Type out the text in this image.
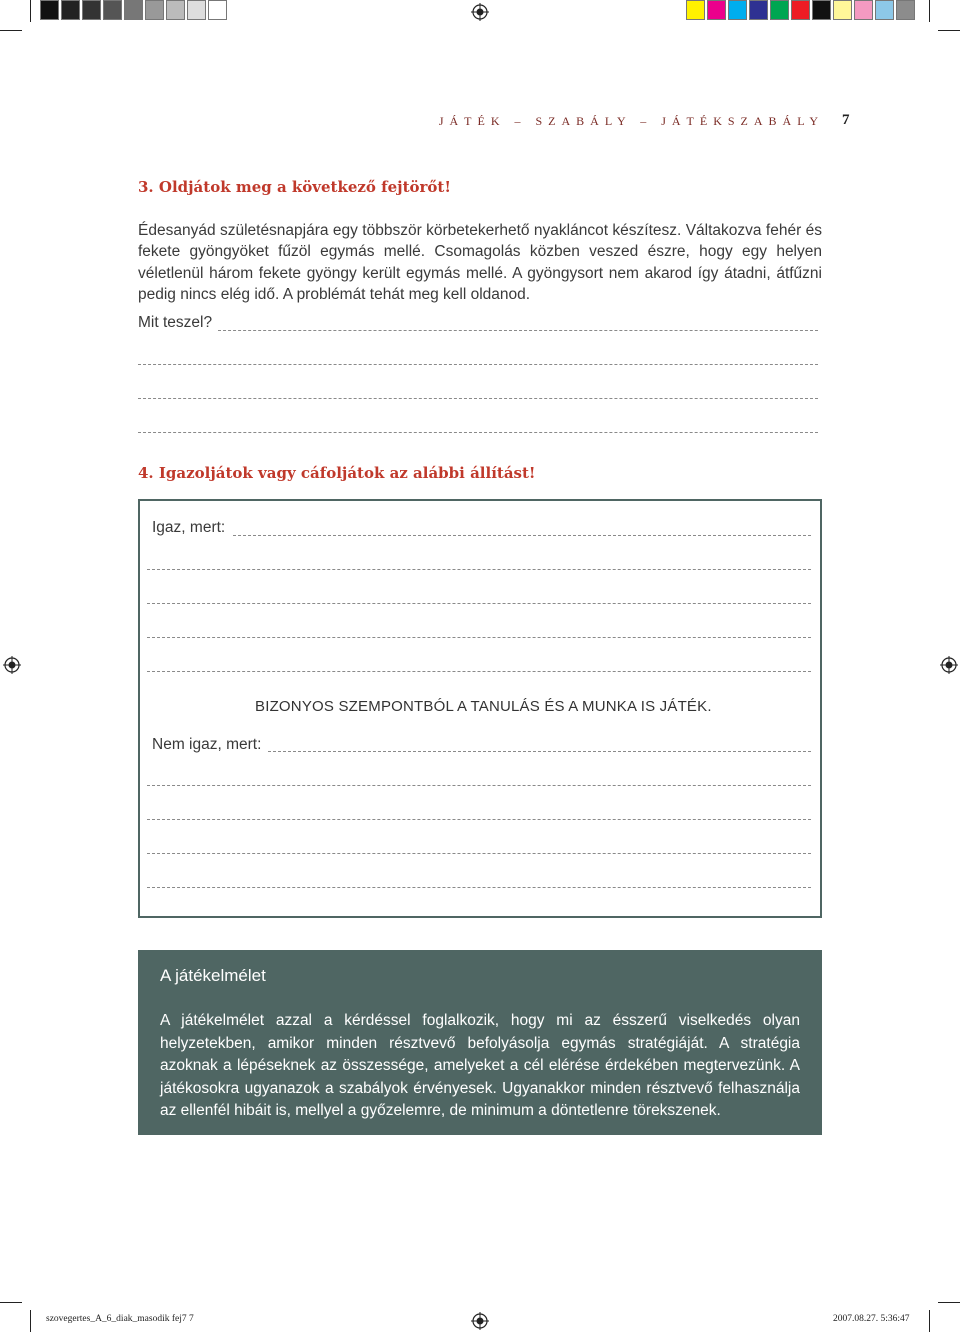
JÁTÉK – SZABÁLY – JÁTÉKSZABÁLY 7
3. Oldjátok meg a következő fejtörőt!
Édesanyád születésnapjára egy többször körbetekerhető nyakláncot készítesz. Váltakozva fehér és fekete gyöngyöket fűzöl egymás mellé. Csomagolás közben veszed észre, hogy egy helyen véletlenül három fekete gyöngy került egymás mellé. A gyöngysort nem akarod így átadni, átfűzni pedig nincs elég idő. A problémát tehát meg kell oldanod.
Mit teszel?
4. Igazoljátok vagy cáfoljátok az alábbi állítást!
Igaz, mert:
BIZONYOS SZEMPONTBÓL A TANULÁS ÉS A MUNKA IS JÁTÉK.
Nem igaz, mert:
A játékelmélet
A játékelmélet azzal a kérdéssel foglalkozik, hogy mi az ésszerű viselkedés olyan helyzetekben, amikor minden résztvevő befolyásolja egymás stratégiáját. A stratégia azoknak a lépéseknek az összessége, amelyeket a cél elérése érdekében megtervezünk. A játékosokra ugyanazok a szabályok érvényesek. Ugyanakkor minden résztvevő felhasználja az ellenfél hibáit is, mellyel a győzelemre, de minimum a döntetlenre törekszenek.
szovegertes_A_6_diak_masodik fej7 7	2007.08.27. 5:36:47
